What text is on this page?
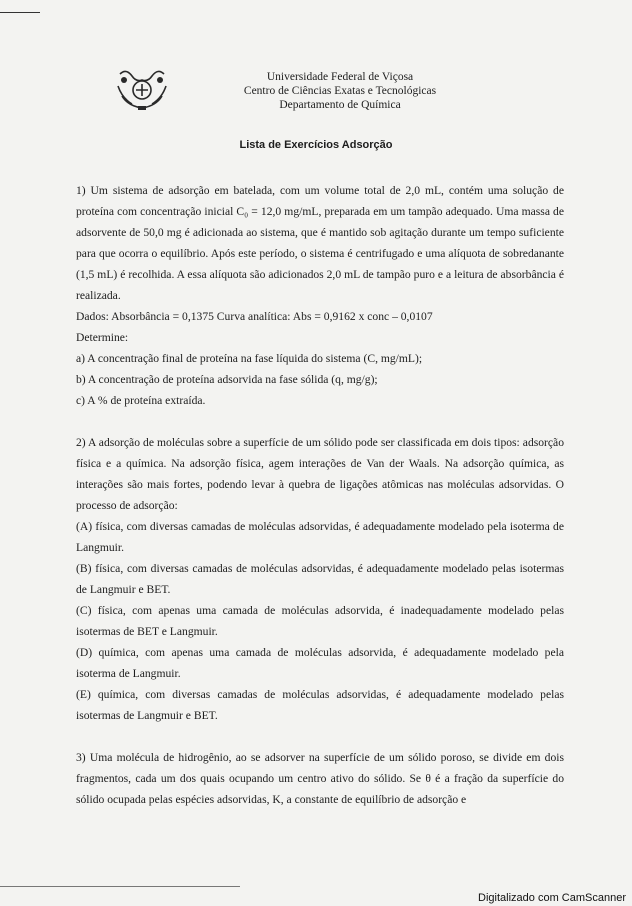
Universidade Federal de Viçosa
Centro de Ciências Exatas e Tecnológicas
Departamento de Química
Lista de Exercícios Adsorção

1) Um sistema de adsorção em batelada, com um volume total de 2,0 mL, contém uma solução de proteína com concentração inicial C₀ = 12,0 mg/mL, preparada em um tampão adequado. Uma massa de adsorvente de 50,0 mg é adicionada ao sistema, que é mantido sob agitação durante um tempo suficiente para que ocorra o equilíbrio. Após este período, o sistema é centrifugado e uma alíquota de sobredanante (1,5 mL) é recolhida. A essa alíquota são adicionados 2,0 mL de tampão puro e a leitura de absorbância é realizada.

Dados: Absorbância = 0,1375 Curva analítica: Abs = 0,9162 x conc – 0,0107

Determine:

a) A concentração final de proteína na fase líquida do sistema (C, mg/mL);

b) A concentração de proteína adsorvida na fase sólida (q, mg/g);

c) A % de proteína extraída.

2) A adsorção de moléculas sobre a superfície de um sólido pode ser classificada em dois tipos: adsorção física e a química. Na adsorção física, agem interações de Van der Waals. Na adsorção química, as interações são mais fortes, podendo levar à quebra de ligações atômicas nas moléculas adsorvidas. O processo de adsorção:

(A) física, com diversas camadas de moléculas adsorvidas, é adequadamente modelado pela isoterma de Langmuir.

(B) física, com diversas camadas de moléculas adsorvidas, é adequadamente modelado pelas isotermas de Langmuir e BET.

(C) física, com apenas uma camada de moléculas adsorvida, é inadequadamente modelado pelas isotermas de BET e Langmuir.

(D) química, com apenas uma camada de moléculas adsorvida, é adequadamente modelado pela isoterma de Langmuir.

(E) química, com diversas camadas de moléculas adsorvidas, é adequadamente modelado pelas isotermas de Langmuir e BET.

3) Uma molécula de hidrogênio, ao se adsorver na superfície de um sólido poroso, se divide em dois fragmentos, cada um dos quais ocupando um centro ativo do sólido. Se θ é a fração da superfície do sólido ocupada pelas espécies adsorvidas, K, a constante de equilíbrio de adsorção e

Digitalizado com CamScanner
